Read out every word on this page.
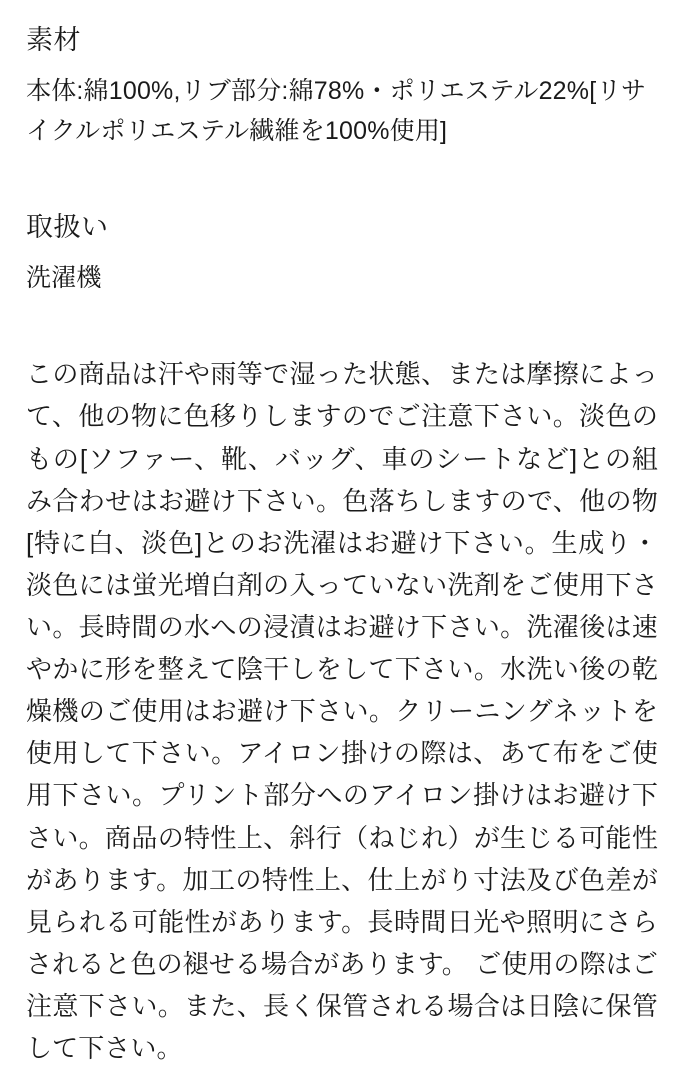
素材

本体:綿100%,リブ部分:綿78%・ポリエステル22%[リサイクルポリエステル繊維を100%使用]

取扱い

洗濯機

この商品は汗や雨等で湿った状態、または摩擦によって、他の物に色移りしますのでご注意下さい。淡色のもの[ソファー、靴、バッグ、車のシートなど]との組み合わせはお避け下さい。色落ちしますので、他の物[特に白、淡色]とのお洗濯はお避け下さい。生成り・淡色には蛍光増白剤の入っていない洗剤をご使用下さい。長時間の水への浸漬はお避け下さい。洗濯後は速やかに形を整えて陰干しをして下さい。水洗い後の乾燥機のご使用はお避け下さい。クリーニングネットを使用して下さい。アイロン掛けの際は、あて布をご使用下さい。プリント部分へのアイロン掛けはお避け下さい。商品の特性上、斜行（ねじれ）が生じる可能性があります。加工の特性上、仕上がり寸法及び色差が見られる可能性があります。長時間日光や照明にさらされると色の褪せる場合があります。 ご使用の際はご注意下さい。また、長く保管される場合は日陰に保管して下さい。
